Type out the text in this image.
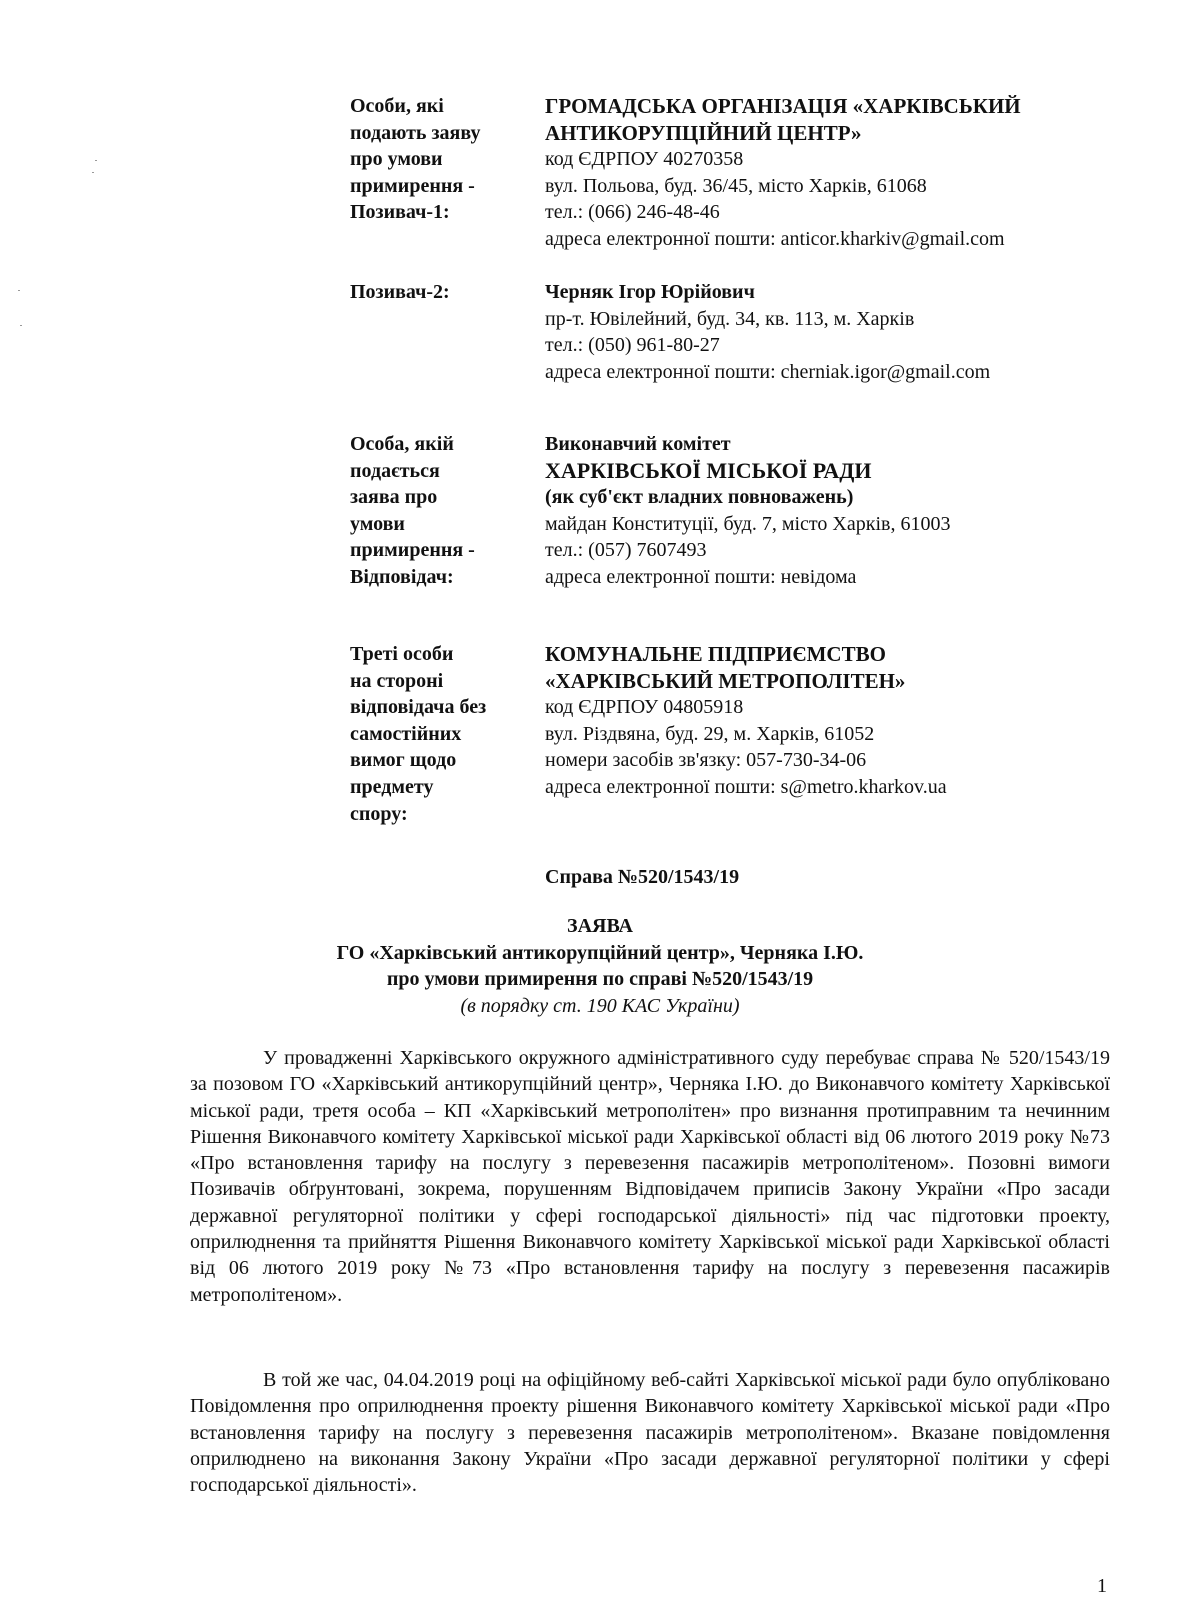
Особи, які
подають заяву
про умови
примирення -
Позивач-1:
ГРОМАДСЬКА ОРГАНІЗАЦІЯ «ХАРКІВСЬКИЙ
АНТИКОРУПЦІЙНИЙ ЦЕНТР»
код ЄДРПОУ 40270358
вул. Польова, буд. 36/45, місто Харків, 61068
тел.: (066) 246-48-46
адреса електронної пошти: anticor.kharkiv@gmail.com
Позивач-2:	Черняк Ігор Юрійович
пр-т. Ювілейний, буд. 34, кв. 113, м. Харків
тел.: (050) 961-80-27
адреса електронної пошти: cherniak.igor@gmail.com
Особа, якій
подається
заява про
умови
примирення -
Відповідач:
Виконавчий комітет
ХАРКІВСЬКОЇ МІСЬКОЇ РАДИ
(як суб'єкт владних повноважень)
майдан Конституції, буд. 7, місто Харків, 61003
тел.: (057) 7607493
адреса електронної пошти: невідома
Треті особи
на стороні
відповідача без
самостійних
вимог щодо
предмету
спору:
КОМУНАЛЬНЕ ПІДПРИЄМСТВО
«ХАРКІВСЬКИЙ МЕТРОПОЛІТЕН»
код ЄДРПОУ 04805918
вул. Різдвяна, буд. 29, м. Харків, 61052
номери засобів зв'язку: 057-730-34-06
адреса електронної пошти: s@metro.kharkov.ua
Справа №520/1543/19
ЗАЯВА
ГО «Харківський антикорупційний центр», Черняка І.Ю.
про умови примирення по справі №520/1543/19
(в порядку ст. 190 КАС України)
У провадженні Харківського окружного адміністративного суду перебуває справа № 520/1543/19 за позовом ГО «Харківський антикорупційний центр», Черняка І.Ю. до Виконавчого комітету Харківської міської ради, третя особа – КП «Харківський метрополітен» про визнання протиправним та нечинним Рішення Виконавчого комітету Харківської міської ради Харківської області від 06 лютого 2019 року №73 «Про встановлення тарифу на послугу з перевезення пасажирів метрополітеном». Позовні вимоги Позивачів обґрунтовані, зокрема, порушенням Відповідачем приписів Закону України «Про засади державної регуляторної політики у сфері господарської діяльності» під час підготовки проекту, оприлюднення та прийняття Рішення Виконавчого комітету Харківської міської ради Харківської області від 06 лютого 2019 року №73 «Про встановлення тарифу на послугу з перевезення пасажирів метрополітеном».
В той же час, 04.04.2019 році на офіційному веб-сайті Харківської міської ради було опубліковано Повідомлення про оприлюднення проекту рішення Виконавчого комітету Харківської міської ради «Про встановлення тарифу на послугу з перевезення пасажирів метрополітеном». Вказане повідомлення оприлюднено на виконання Закону України «Про засади державної регуляторної політики у сфері господарської діяльності».
1
